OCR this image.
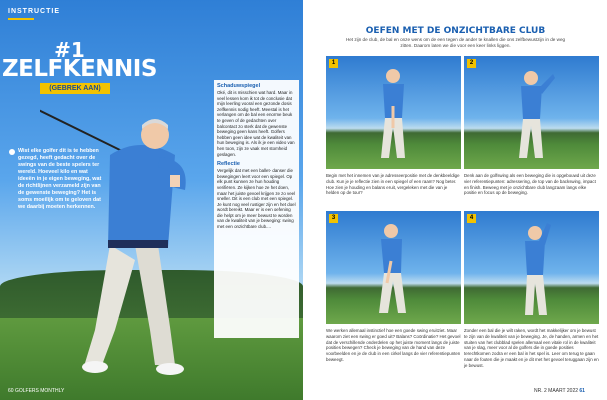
INSTRUCTIE
#1
ZELFKENNIS
(GEBREK AAN)
Wist elke golfer dit is te hebben gezegd, heeft gedacht over de swings van de beste spelers ter wereld. Hoeveel kilo en wat ideeën in je eigen beweging, wat de richtlijnen verzameld zijn van de gewenste beweging? Het is soms moeilijk om te geloven dat we daarbij moeten herkennen.
Schaduwspiegel
Oké, dit is misschien wat hard. Maar in veel lessen kom ik tot de conclusie dat mijn leerling vooral een gezonde dosis zelfkennis nodig heeft. Meestal is het verlangen om de bal een enorme beuk te geven of de gedachten over balcontact zo sterk dat de gewenste beweging geen kans heeft. Golfers hebben geen idee wat de kwaliteit van hun beweging is. Als ik je een video van hen toon, zijn ze vaak met stomheid geslagen.
Reflectie
Vergelijk dat met een ballet- danser die bewegingen leert voor een spiegel. Op elk punt kunnen ze hun houding verifiëren. Ze kijken hoe ze het doen, maar het juiste gevoel krijgen ze zo veel sneller. Dit is een club met een spiegel. Je kunt nog veel rustiger zijn en het doel wordt bereikt. Maar er is een oefening die helpt om je meer bewust te worden van de kwaliteit van je beweging: swing met een onzichtbare club....
60 GOLFERS MONTHLY
OEFEN MET DE ONZICHTBARE CLUB
Het zijn de club, de bal en onze wens om de een tegen de ander te knallen die ons zelfbewustzijn in de weg zitten. Daarom laten we die voor een keer links liggen.
1	2
Begin met het innemen van je adresseerpositie met de denkbeeldige club. Kun je je reflectie zien in een spiegel of een raam? Nog beter. Hoe zien je houding en balans eruit, vergeleken met die van je helden op de tour?
Denk aan de golfswing als een beweging die is opgebouwd uit deze vier referentiepunten: adressering, de top van de backswing, impact en finish. Beweeg met je onzichtbare club langzaam langs elke positie en focus op de beweging.
3	4
We werken allemaal instinctief hoe een goede swing eruitziet. Maar waarom ziet een swing er goed uit? Balans? Coördinatie? Het gevoel dat de verschillende onderdelen op het juiste moment langs de juiste posities bewegen? Check je beweging van de hand van deze voorbeelden en je de club in een cirkel langs de vier referentiepunten beweegt.
Zonder een bal die je wilt raken, wordt het makkelijker om je bewust te zijn van de kwaliteit van je beweging. Je, de handen, armen en het stuiten van het clubblad spelen allemaal een vitale rol in de kwaliteit van je slag, meer voor al de golfers die in goede posities terechtkomen zodra er een bal in het spel is. Leer om terug te gaan naar de fouten die je maakt en je dit met het gevoel teruggaan zijn en je bewust.
NR. 2 MAART 2022 61
